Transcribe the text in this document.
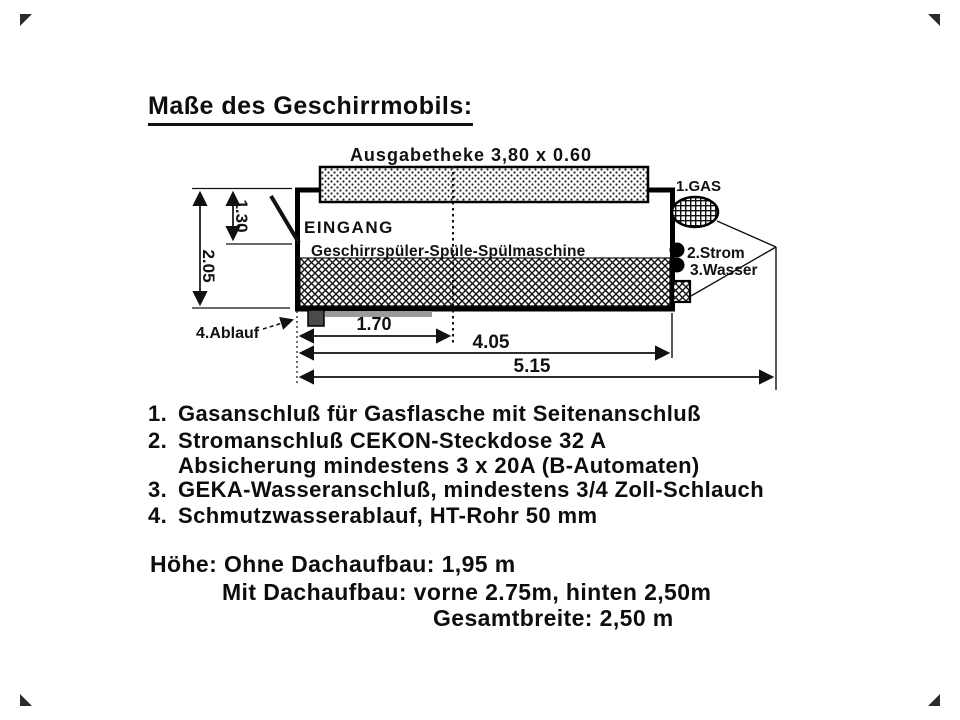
Maße des Geschirrmobils:
2.05
1.30
4.Ablauf	1.70
4.05
5.15
1.GAS
2.Strom
3.Wasser
Ausgabetheke 3,80 x 0.60
EINGANG
Geschirrspüler-Spüle-Spülmaschine
1. Gasanschluß für Gasflasche mit Seitenanschluß
2. Stromanschluß CEKON-Steckdose 32 A
Absicherung mindestens 3 x 20A (B-Automaten)
3. GEKA-Wasseranschluß, mindestens 3/4 Zoll-Schlauch
4. Schmutzwasserablauf, HT-Rohr 50 mm
Höhe: Ohne Dachaufbau: 1,95 m
Mit Dachaufbau: vorne 2.75m, hinten 2,50m
Gesamtbreite: 2,50 m
